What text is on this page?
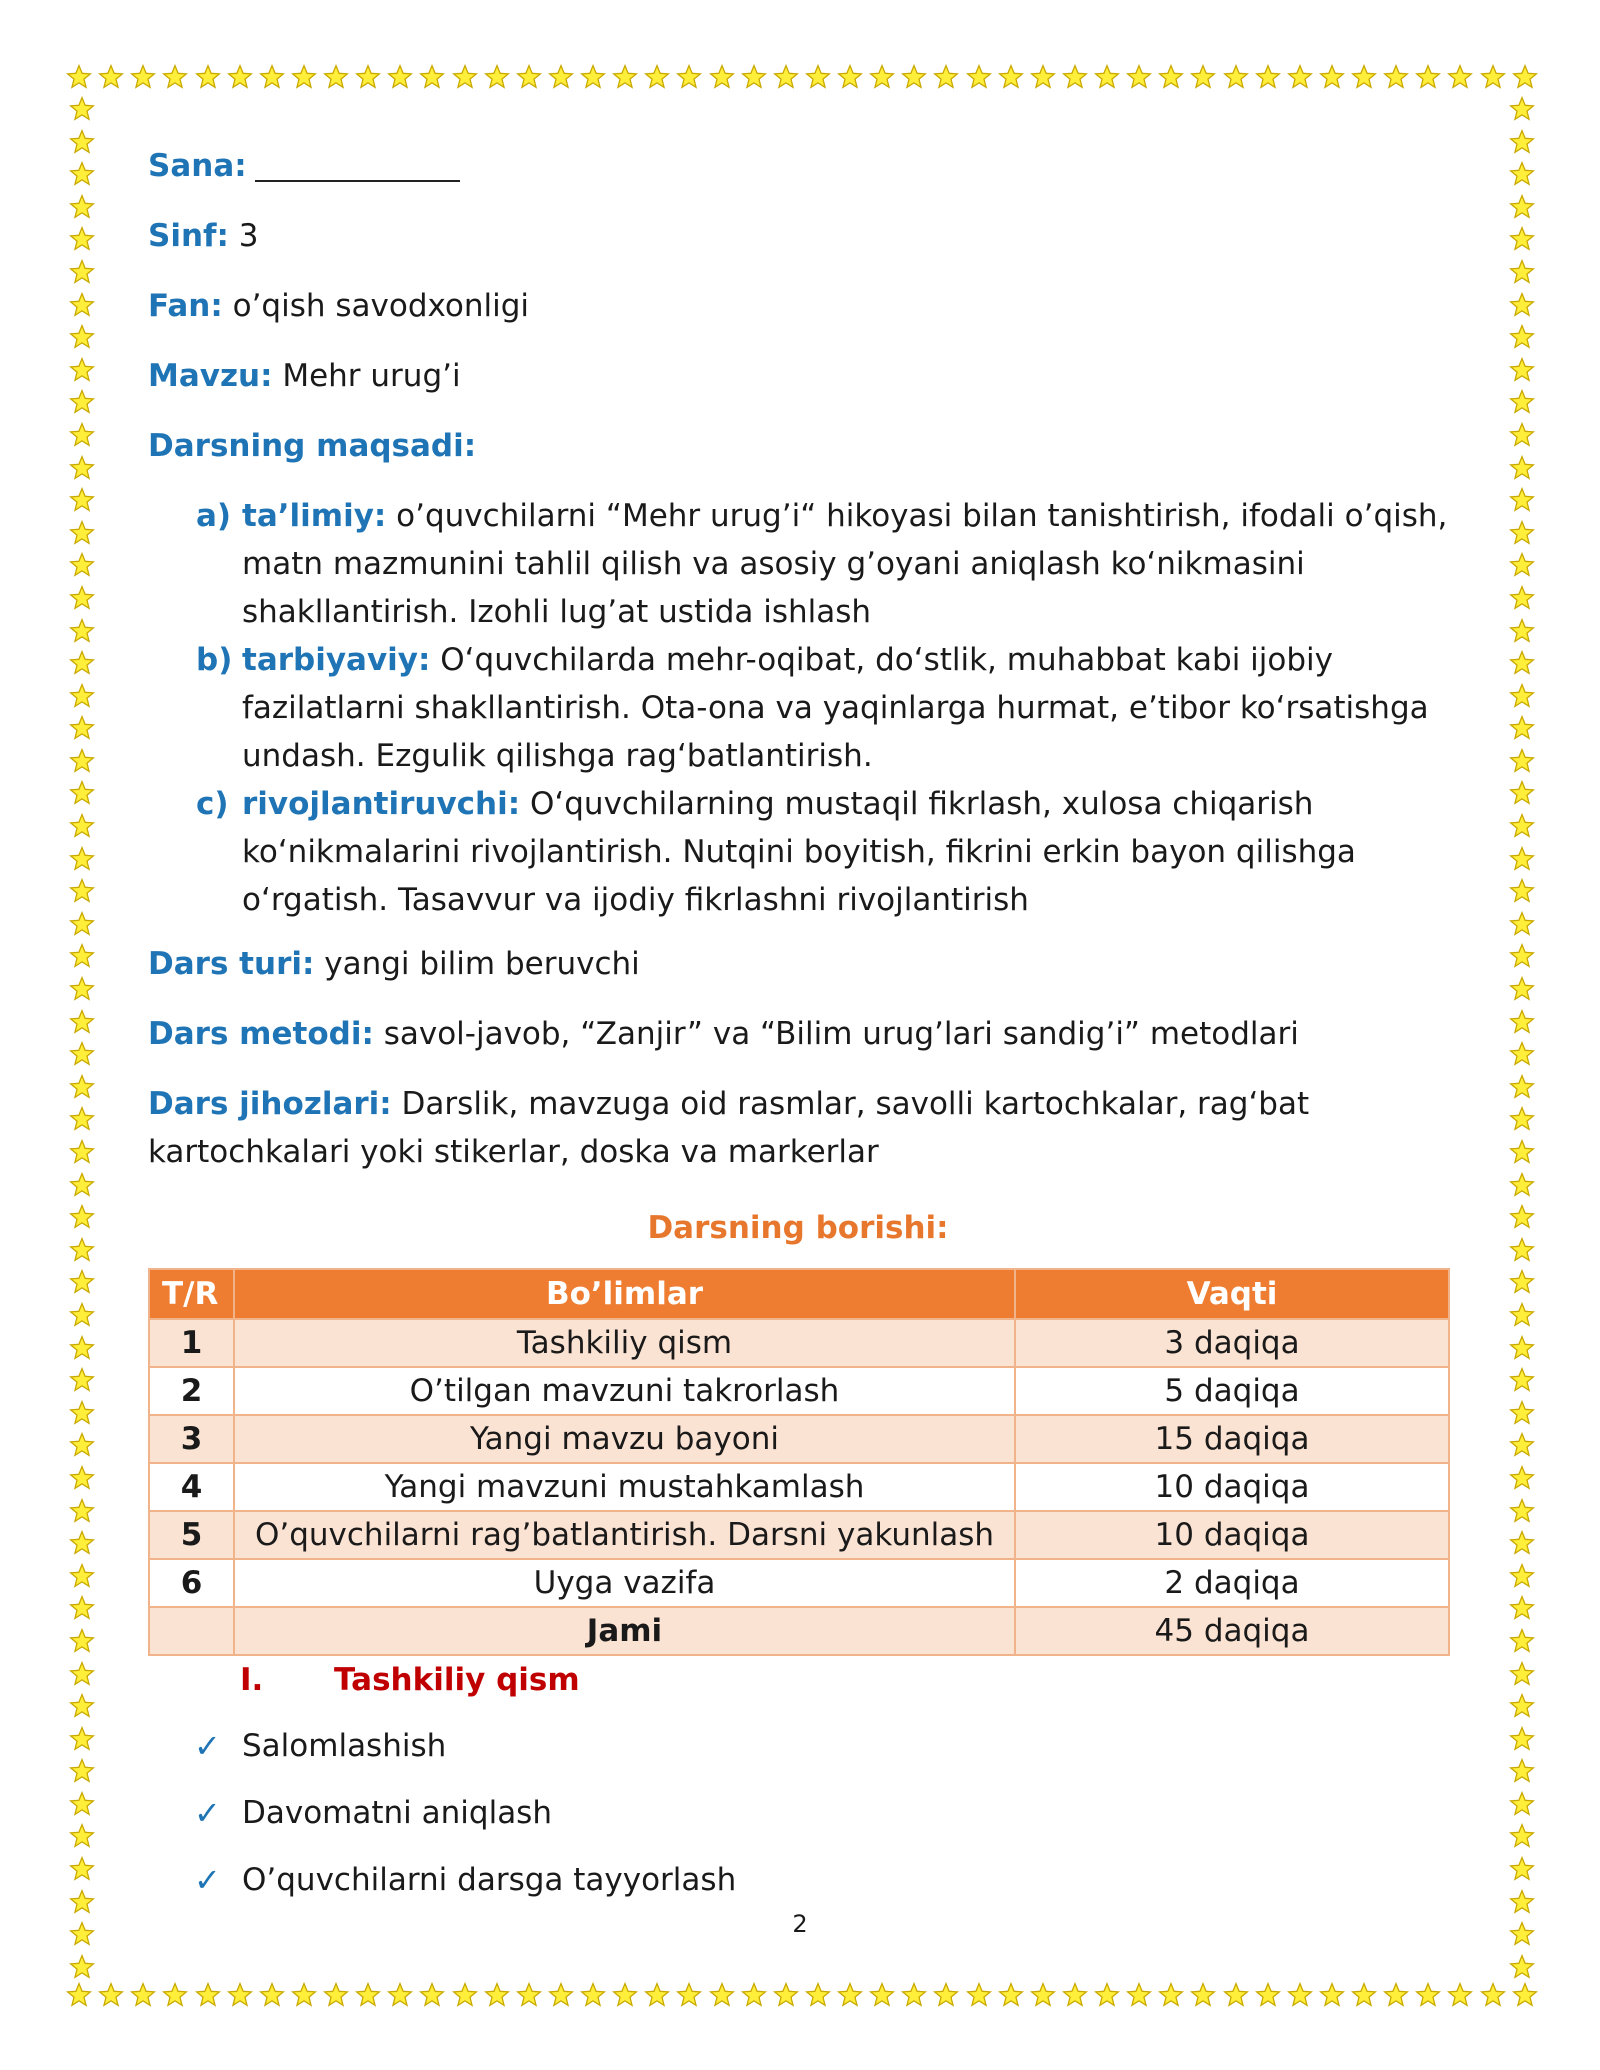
Sana:
Sinf: 3
Fan: o’qish savodxonligi
Mavzu: Mehr urug’i
Darsning maqsadi:
a) ta’limiy: o’quvchilarni “Mehr urug’i“ hikoyasi bilan tanishtirish, ifodali o’qish,
matn mazmunini tahlil qilish va asosiy g’oyani aniqlash ko‘nikmasini
shakllantirish. Izohli lug’at ustida ishlash
b) tarbiyaviy: O‘quvchilarda mehr-oqibat, do‘stlik, muhabbat kabi ijobiy
fazilatlarni shakllantirish. Ota-ona va yaqinlarga hurmat, e’tibor ko‘rsatishga
undash. Ezgulik qilishga rag‘batlantirish.
c) rivojlantiruvchi: O‘quvchilarning mustaqil fikrlash, xulosa chiqarish
ko‘nikmalarini rivojlantirish. Nutqini boyitish, fikrini erkin bayon qilishga
o‘rgatish. Tasavvur va ijodiy fikrlashni rivojlantirish
Dars turi: yangi bilim beruvchi
Dars metodi: savol-javob, “Zanjir” va “Bilim urug’lari sandig’i” metodlari
Dars jihozlari: Darslik, mavzuga oid rasmlar, savolli kartochkalar, rag‘bat
kartochkalari yoki stikerlar, doska va markerlar
Darsning borishi:
T/R	Bo’limlar	Vaqti
1	Tashkiliy qism	3 daqiqa
2	O’tilgan mavzuni takrorlash	5 daqiqa
3	Yangi mavzu bayoni	15 daqiqa
4	Yangi mavzuni mustahkamlash	10 daqiqa
5	O’quvchilarni rag’batlantirish. Darsni yakunlash	10 daqiqa
6	Uyga vazifa	2 daqiqa
	Jami	45 daqiqa
I. Tashkiliy qism
✓ Salomlashish
✓ Davomatni aniqlash
✓ O’quvchilarni darsga tayyorlash
2
